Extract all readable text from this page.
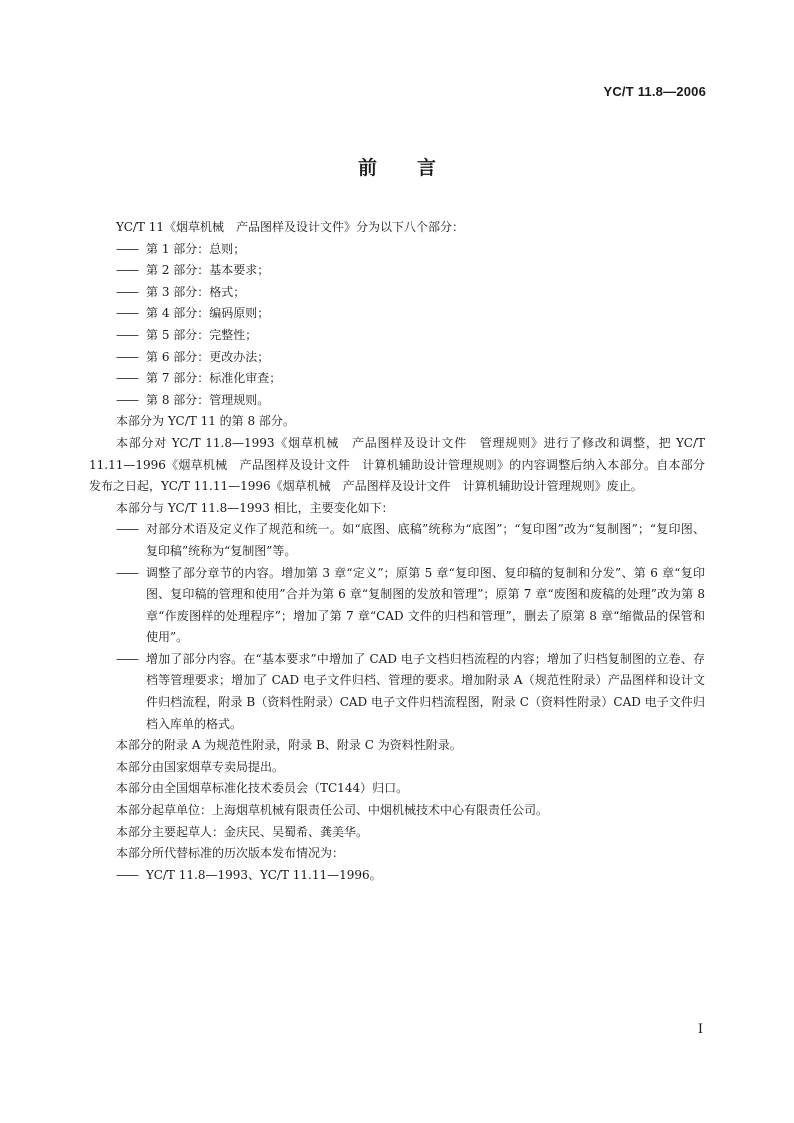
YC/T 11.8—2006
前言

YC/T 11《烟草机械　产品图样及设计文件》分为以下八个部分：

—— 第 1 部分：总则；

—— 第 2 部分：基本要求；

—— 第 3 部分：格式；

—— 第 4 部分：编码原则；

—— 第 5 部分：完整性；

—— 第 6 部分：更改办法；

—— 第 7 部分：标准化审查；

—— 第 8 部分：管理规则。

本部分为 YC/T 11 的第 8 部分。

本部分对 YC/T 11.8—1993《烟草机械　产品图样及设计文件　管理规则》进行了修改和调整，把 YC/T 11.11—1996《烟草机械　产品图样及设计文件　计算机辅助设计管理规则》的内容调整后纳入本部分。自本部分发布之日起，YC/T 11.11—1996《烟草机械　产品图样及设计文件　计算机辅助设计管理规则》废止。

本部分与 YC/T 11.8—1993 相比，主要变化如下：

—— 对部分术语及定义作了规范和统一。如“底图、底稿”统称为“底图”；“复印图”改为“复制图”；“复印图、复印稿”统称为“复制图”等。

—— 调整了部分章节的内容。增加第 3 章“定义”；原第 5 章“复印图、复印稿的复制和分发”、第 6 章“复印图、复印稿的管理和使用”合并为第 6 章“复制图的发放和管理”；原第 7 章“废图和废稿的处理”改为第 8 章“作废图样的处理程序”；增加了第 7 章“CAD 文件的归档和管理”，删去了原第 8 章“缩微品的保管和使用”。

—— 增加了部分内容。在“基本要求”中增加了 CAD 电子文档归档流程的内容；增加了归档复制图的立卷、存档等管理要求；增加了 CAD 电子文件归档、管理的要求。增加附录 A（规范性附录）产品图样和设计文件归档流程，附录 B（资料性附录）CAD 电子文件归档流程图，附录 C（资料性附录）CAD 电子文件归档入库单的格式。

本部分的附录 A 为规范性附录，附录 B、附录 C 为资料性附录。

本部分由国家烟草专卖局提出。

本部分由全国烟草标准化技术委员会（TC144）归口。

本部分起草单位：上海烟草机械有限责任公司、中烟机械技术中心有限责任公司。

本部分主要起草人：金庆民、吴蜀希、龚美华。

本部分所代替标准的历次版本发布情况为：

—— YC/T 11.8—1993、YC/T 11.11—1996。

I
